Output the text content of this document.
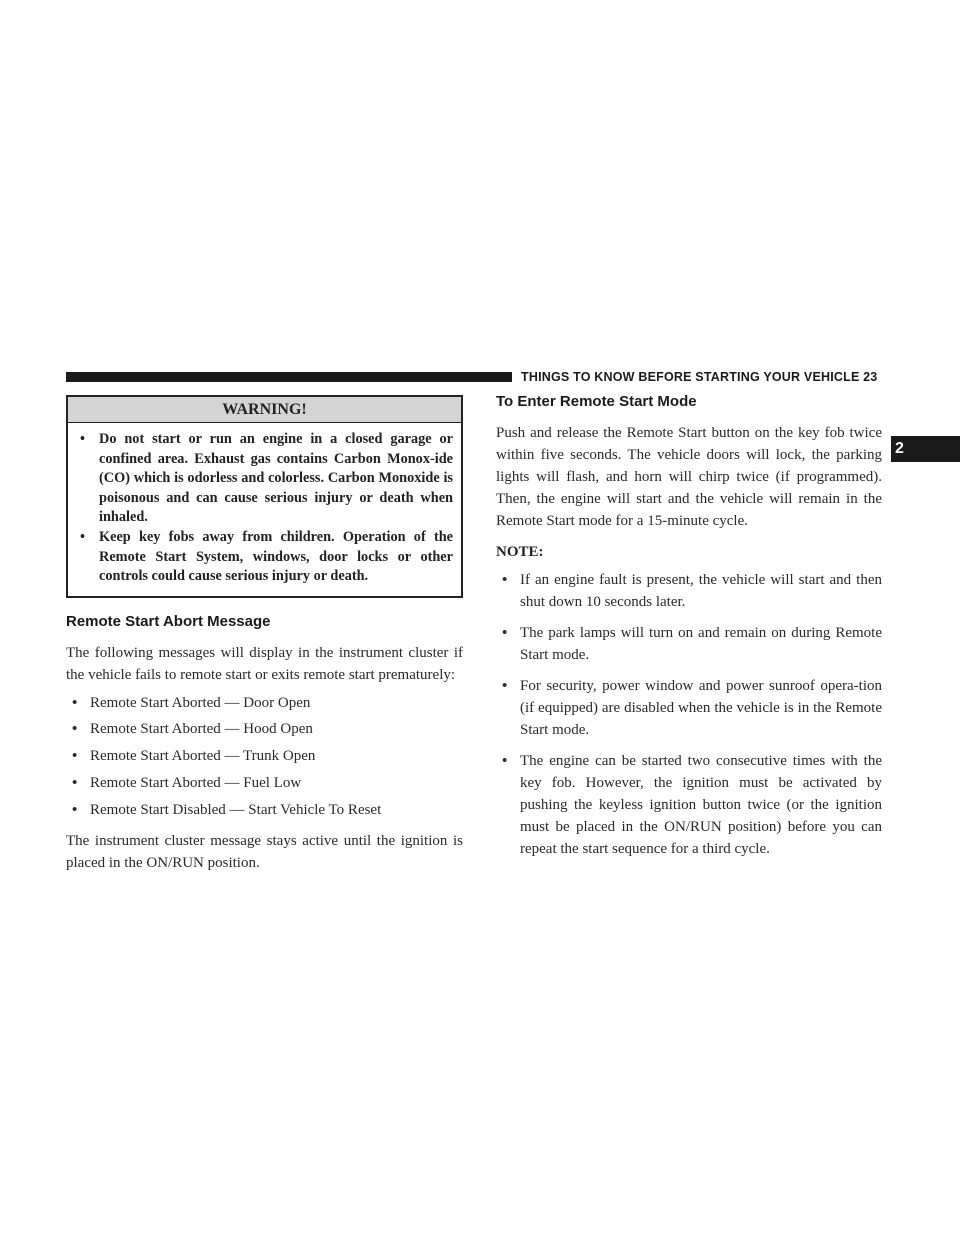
THINGS TO KNOW BEFORE STARTING YOUR VEHICLE 23
2
WARNING!
• Do not start or run an engine in a closed garage or confined area. Exhaust gas contains Carbon Monox-ide (CO) which is odorless and colorless. Carbon Monoxide is poisonous and can cause serious injury or death when inhaled.
• Keep key fobs away from children. Operation of the Remote Start System, windows, door locks or other controls could cause serious injury or death.
Remote Start Abort Message

The following messages will display in the instrument cluster if the vehicle fails to remote start or exits remote start prematurely:

• Remote Start Aborted — Door Open
• Remote Start Aborted — Hood Open
• Remote Start Aborted — Trunk Open
• Remote Start Aborted — Fuel Low
• Remote Start Disabled — Start Vehicle To Reset

The instrument cluster message stays active until the ignition is placed in the ON/RUN position.

To Enter Remote Start Mode

Push and release the Remote Start button on the key fob twice within five seconds. The vehicle doors will lock, the parking lights will flash, and horn will chirp twice (if programmed). Then, the engine will start and the vehicle will remain in the Remote Start mode for a 15-minute cycle.

NOTE:
• If an engine fault is present, the vehicle will start and then shut down 10 seconds later.
• The park lamps will turn on and remain on during Remote Start mode.
• For security, power window and power sunroof opera-tion (if equipped) are disabled when the vehicle is in the Remote Start mode.
• The engine can be started two consecutive times with the key fob. However, the ignition must be activated by pushing the keyless ignition button twice (or the ignition must be placed in the ON/RUN position) before you can repeat the start sequence for a third cycle.
